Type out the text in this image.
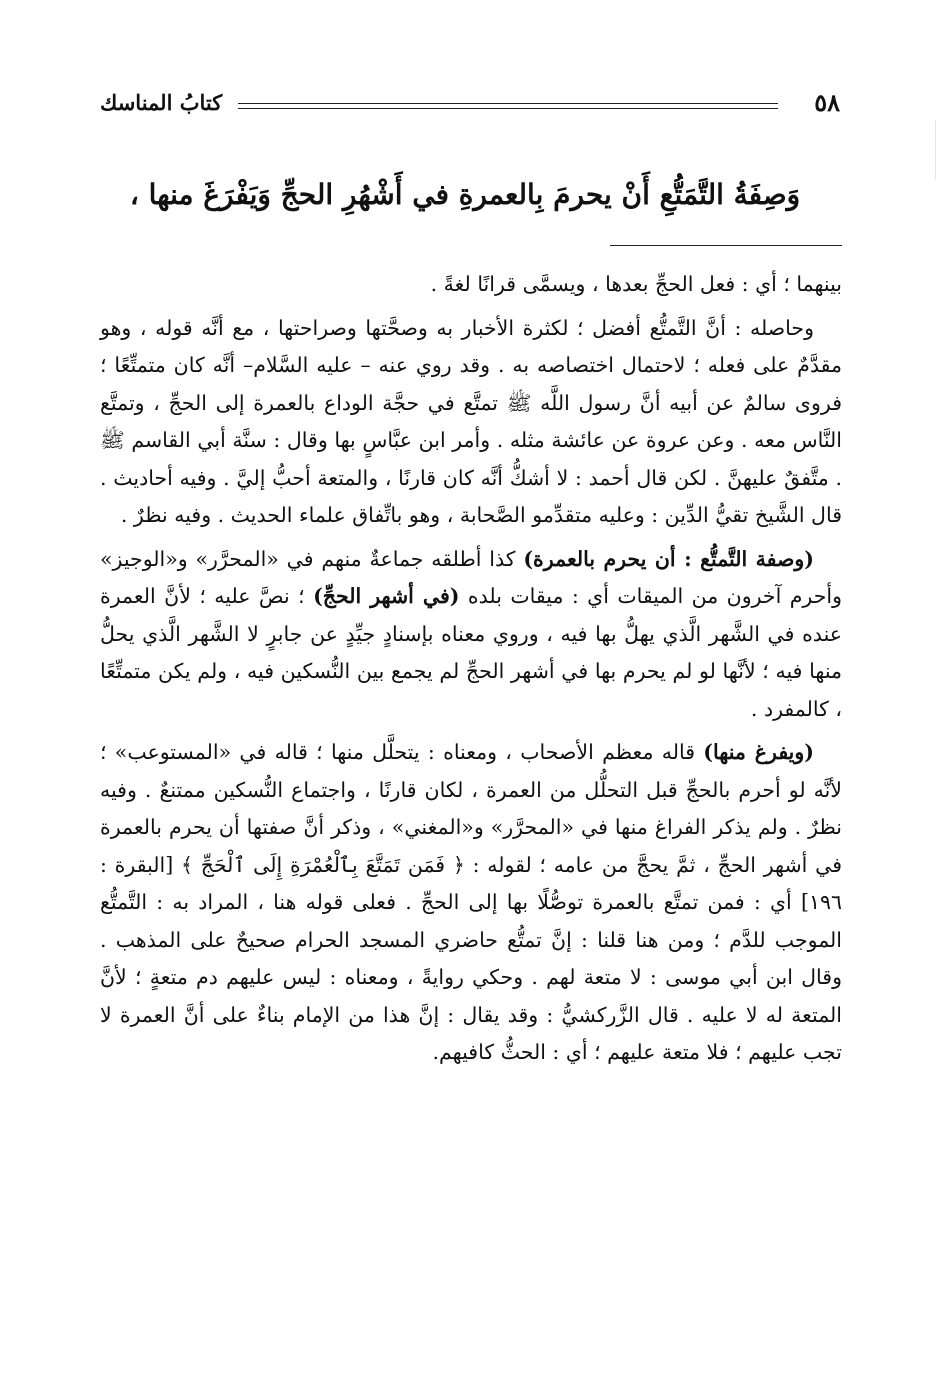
٥٨
كتابُ المناسك
وَصِفَةُ التَّمَتُّعِ أَنْ يحرمَ بِالعمرةِ في أَشْهُرِ الحجِّ وَيَفْرَغَ منها ،

بينهما ؛ أي : فعل الحجِّ بعدها ، ويسمَّى قرانًا لغةً .

وحاصله : أنَّ التَّمتُّع أفضل ؛ لكثرة الأخبار به وصحَّتها وصراحتها ، مع أنَّه قوله ، وهو مقدَّمٌ على فعله ؛ لاحتمال اختصاصه به . وقد روي عنه – عليه السَّلام– أنَّه كان متمتِّعًا ؛ فروى سالمٌ عن أبيه أنَّ رسول اللَّه ﷺ تمتَّع في حجَّة الوداع بالعمرة إلى الحجِّ ، وتمتَّع النَّاس معه . وعن عروة عن عائشة مثله . وأمر ابن عبَّاسٍ بها وقال : سنَّة أبي القاسم ﷺ . متَّفقٌ عليهنَّ . لكن قال أحمد : لا أشكُّ أنَّه كان قارنًا ، والمتعة أحبُّ إليَّ . وفيه أحاديث . قال الشَّيخ تقيُّ الدِّين : وعليه متقدِّمو الصَّحابة ، وهو باتِّفاق علماء الحديث . وفيه نظرٌ .

(وصفة التَّمتُّع : أن يحرم بالعمرة) كذا أطلقه جماعةٌ منهم في «المحرَّر» و«الوجيز» وأحرم آخرون من الميقات أي : ميقات بلده (في أشهر الحجِّ) ؛ نصَّ عليه ؛ لأنَّ العمرة عنده في الشَّهر الَّذي يهلُّ بها فيه ، وروي معناه بإسنادٍ جيِّدٍ عن جابرٍ لا الشَّهر الَّذي يحلُّ منها فيه ؛ لأنَّها لو لم يحرم بها في أشهر الحجِّ لم يجمع بين النُّسكين فيه ، ولم يكن متمتِّعًا ، كالمفرد .

(ويفرغ منها) قاله معظم الأصحاب ، ومعناه : يتحلَّل منها ؛ قاله في «المستوعب» ؛ لأنَّه لو أحرم بالحجِّ قبل التحلُّل من العمرة ، لكان قارنًا ، واجتماع النُّسكين ممتنعٌ . وفيه نظرٌ . ولم يذكر الفراغ منها في «المحرَّر» و«المغني» ، وذكر أنَّ صفتها أن يحرم بالعمرة في أشهر الحجِّ ، ثمَّ يحجَّ من عامه ؛ لقوله : ﴿ فَمَن تَمَتَّعَ بِٱلْعُمْرَةِ إِلَى ٱلْحَجِّ ﴾ [البقرة : ١٩٦] أي : فمن تمتَّع بالعمرة توصُّلًا بها إلى الحجِّ . فعلى قوله هنا ، المراد به : التَّمتُّع الموجب للدَّم ؛ ومن هنا قلنا : إنَّ تمتُّع حاضري المسجد الحرام صحيحٌ على المذهب . وقال ابن أبي موسى : لا متعة لهم . وحكي روايةً ، ومعناه : ليس عليهم دم متعةٍ ؛ لأنَّ المتعة له لا عليه . قال الزَّركشيُّ : وقد يقال : إنَّ هذا من الإمام بناءٌ على أنَّ العمرة لا تجب عليهم ؛ فلا متعة عليهم ؛ أي : الحثُّ كافيهم.
